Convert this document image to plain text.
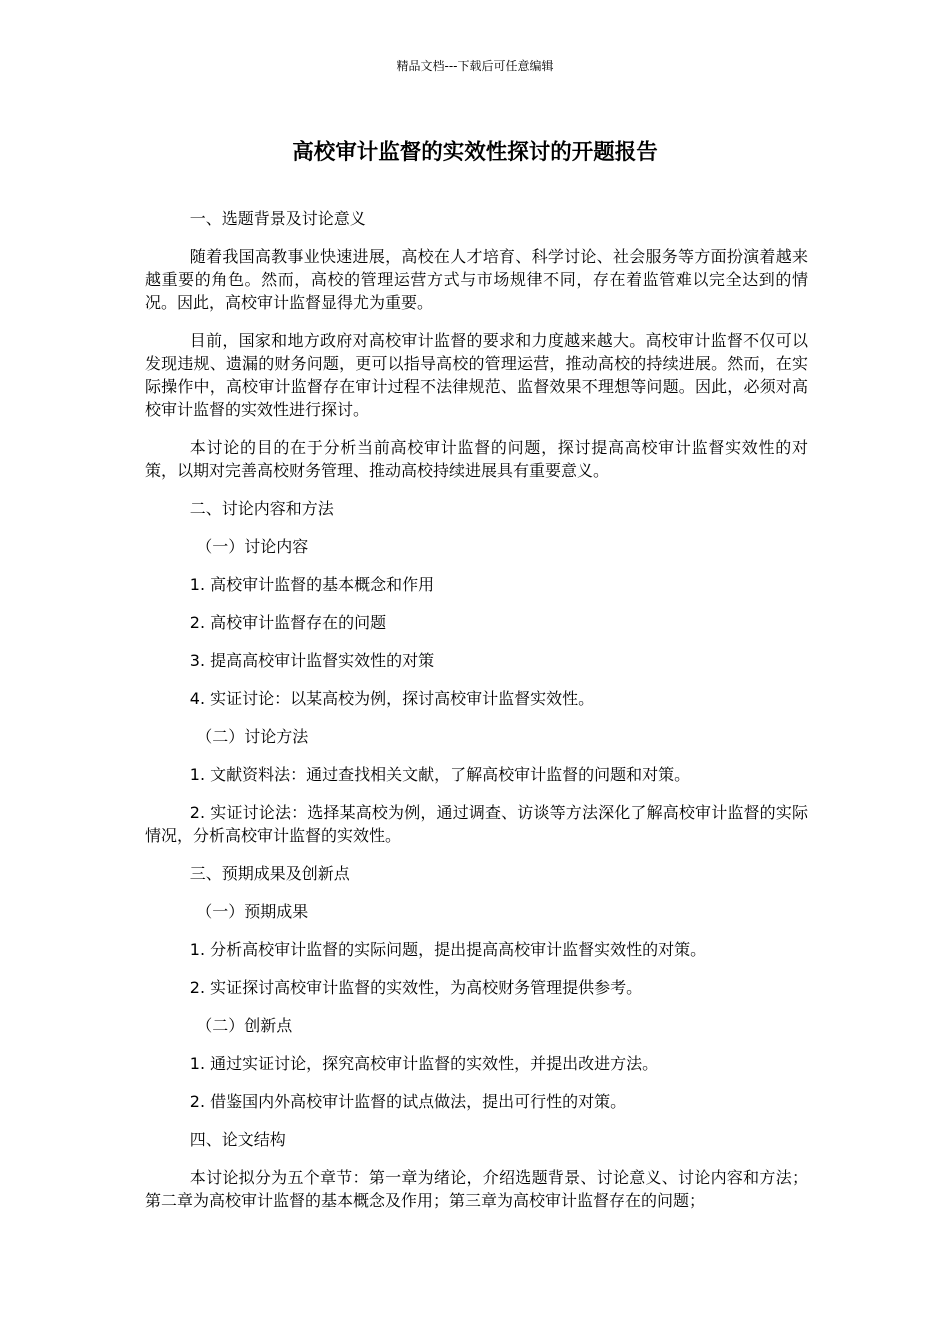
精品文档---下载后可任意编辑
高校审计监督的实效性探讨的开题报告

一、选题背景及讨论意义

随着我国高教事业快速进展，高校在人才培育、科学讨论、社会服务等方面扮演着越来越重要的角色。然而，高校的管理运营方式与市场规律不同，存在着监管难以完全达到的情况。因此，高校审计监督显得尤为重要。

目前，国家和地方政府对高校审计监督的要求和力度越来越大。高校审计监督不仅可以发现违规、遗漏的财务问题，更可以指导高校的管理运营，推动高校的持续进展。然而，在实际操作中，高校审计监督存在审计过程不法律规范、监督效果不理想等问题。因此，必须对高校审计监督的实效性进行探讨。

本讨论的目的在于分析当前高校审计监督的问题，探讨提高高校审计监督实效性的对策，以期对完善高校财务管理、推动高校持续进展具有重要意义。

二、讨论内容和方法

（一）讨论内容

1. 高校审计监督的基本概念和作用

2. 高校审计监督存在的问题

3. 提高高校审计监督实效性的对策

4. 实证讨论：以某高校为例，探讨高校审计监督实效性。

（二）讨论方法

1. 文献资料法：通过查找相关文献，了解高校审计监督的问题和对策。

2. 实证讨论法：选择某高校为例，通过调查、访谈等方法深化了解高校审计监督的实际情况，分析高校审计监督的实效性。

三、预期成果及创新点

（一）预期成果

1. 分析高校审计监督的实际问题，提出提高高校审计监督实效性的对策。

2. 实证探讨高校审计监督的实效性，为高校财务管理提供参考。

（二）创新点

1. 通过实证讨论，探究高校审计监督的实效性，并提出改进方法。

2. 借鉴国内外高校审计监督的试点做法，提出可行性的对策。

四、论文结构

本讨论拟分为五个章节：第一章为绪论，介绍选题背景、讨论意义、讨论内容和方法；第二章为高校审计监督的基本概念及作用；第三章为高校审计监督存在的问题；
